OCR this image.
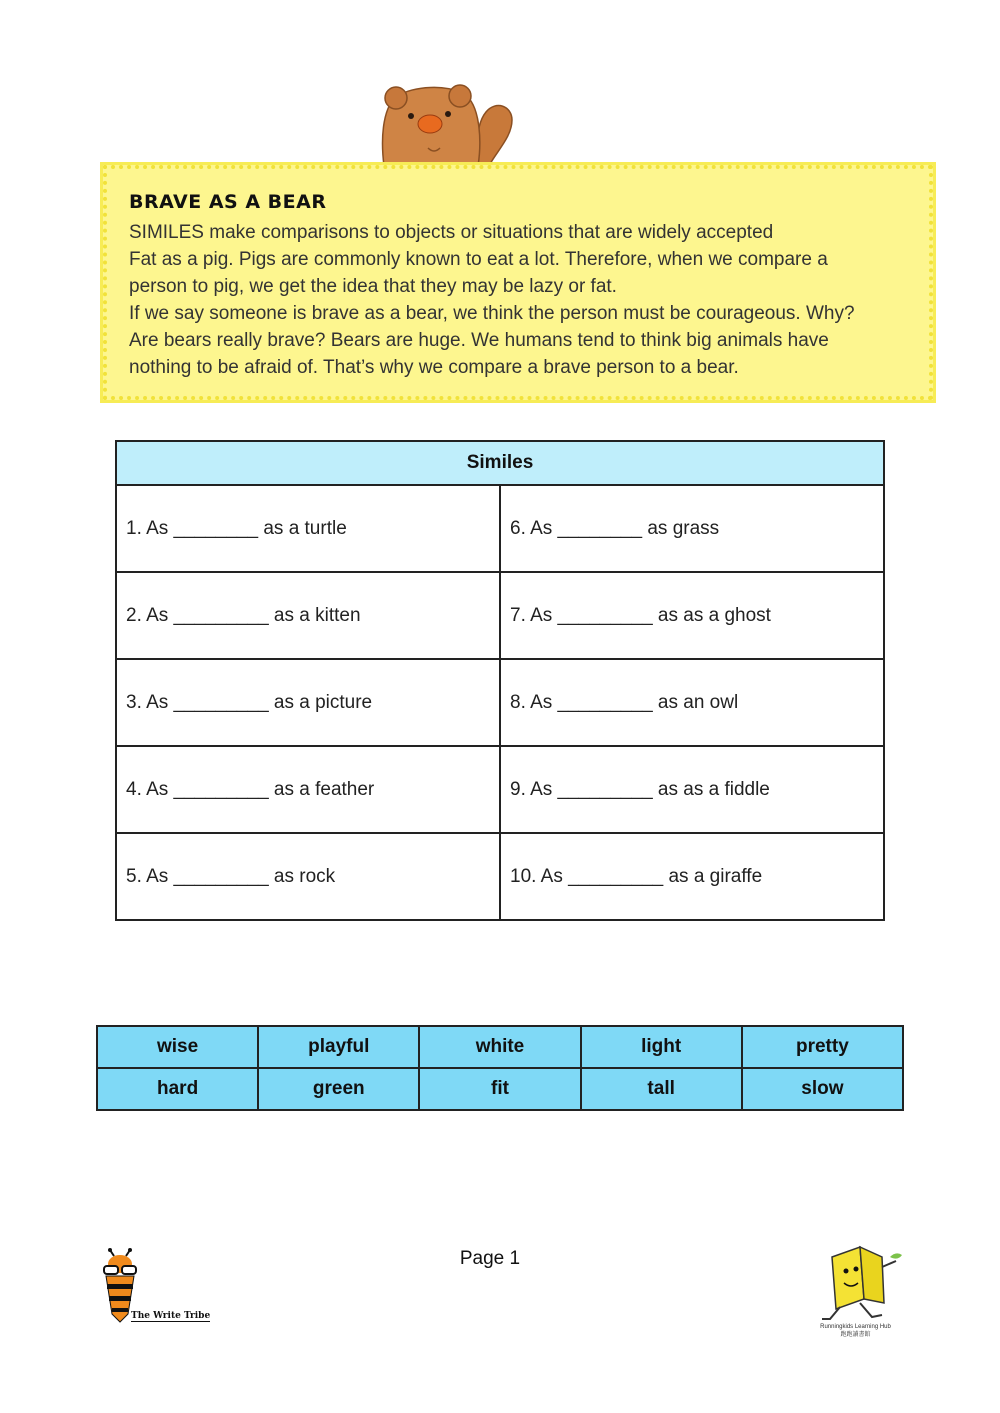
BRAVE AS A BEAR

SIMILES make comparisons to objects or situations that are widely accepted

Fat as a pig. Pigs are commonly known to eat a lot. Therefore, when we compare a

person to pig, we get the idea that they may be lazy or fat.

If we say someone is brave as a bear, we think the person must be courageous. Why?

Are bears really brave? Bears are huge. We humans tend to think big animals have

nothing to be afraid of. That’s why we compare a brave person to a bear.

Similes	
1. As ________ as a turtle	6. As ________ as grass
2. As _________ as a kitten	7. As _________ as as a ghost
3. As _________ as a picture	8. As _________ as an owl
4. As _________ as a feather	9. As _________ as as a fiddle
5. As _________ as rock	10. As _________ as a giraffe
wise	playful	white	light	pretty
hard	green	fit	tall	slow
The Write Tribe
Page 1
Runningkids Learning Hub
跑跑讀書館
